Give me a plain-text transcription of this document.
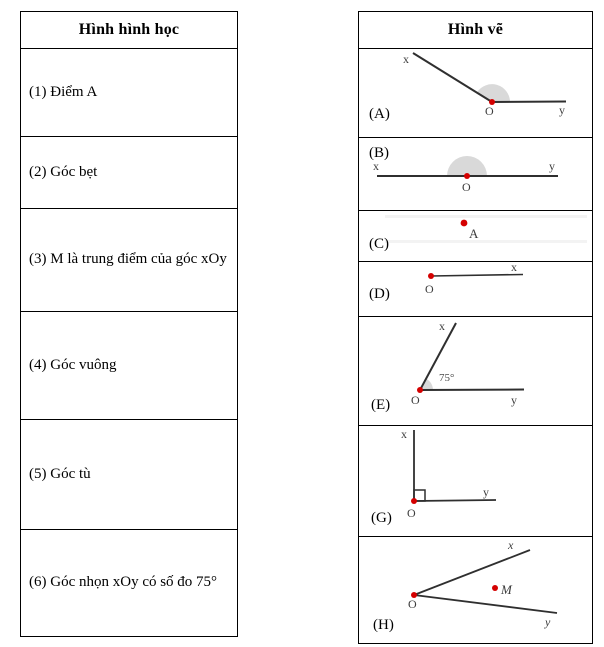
Hình hình học
(1) Điểm A
(2) Góc bẹt
(3) M là trung điểm của góc xOy
(4) Góc vuông
(5) Góc tù
(6) Góc nhọn xOy có số đo 75°
Hình vẽ
x
y
O
(A)
x	y
O
(B)
A
(C)
x
O
(D)
75°
x
y
O
(E)
x
y
O
(G)
M
x
y
O
(H)
